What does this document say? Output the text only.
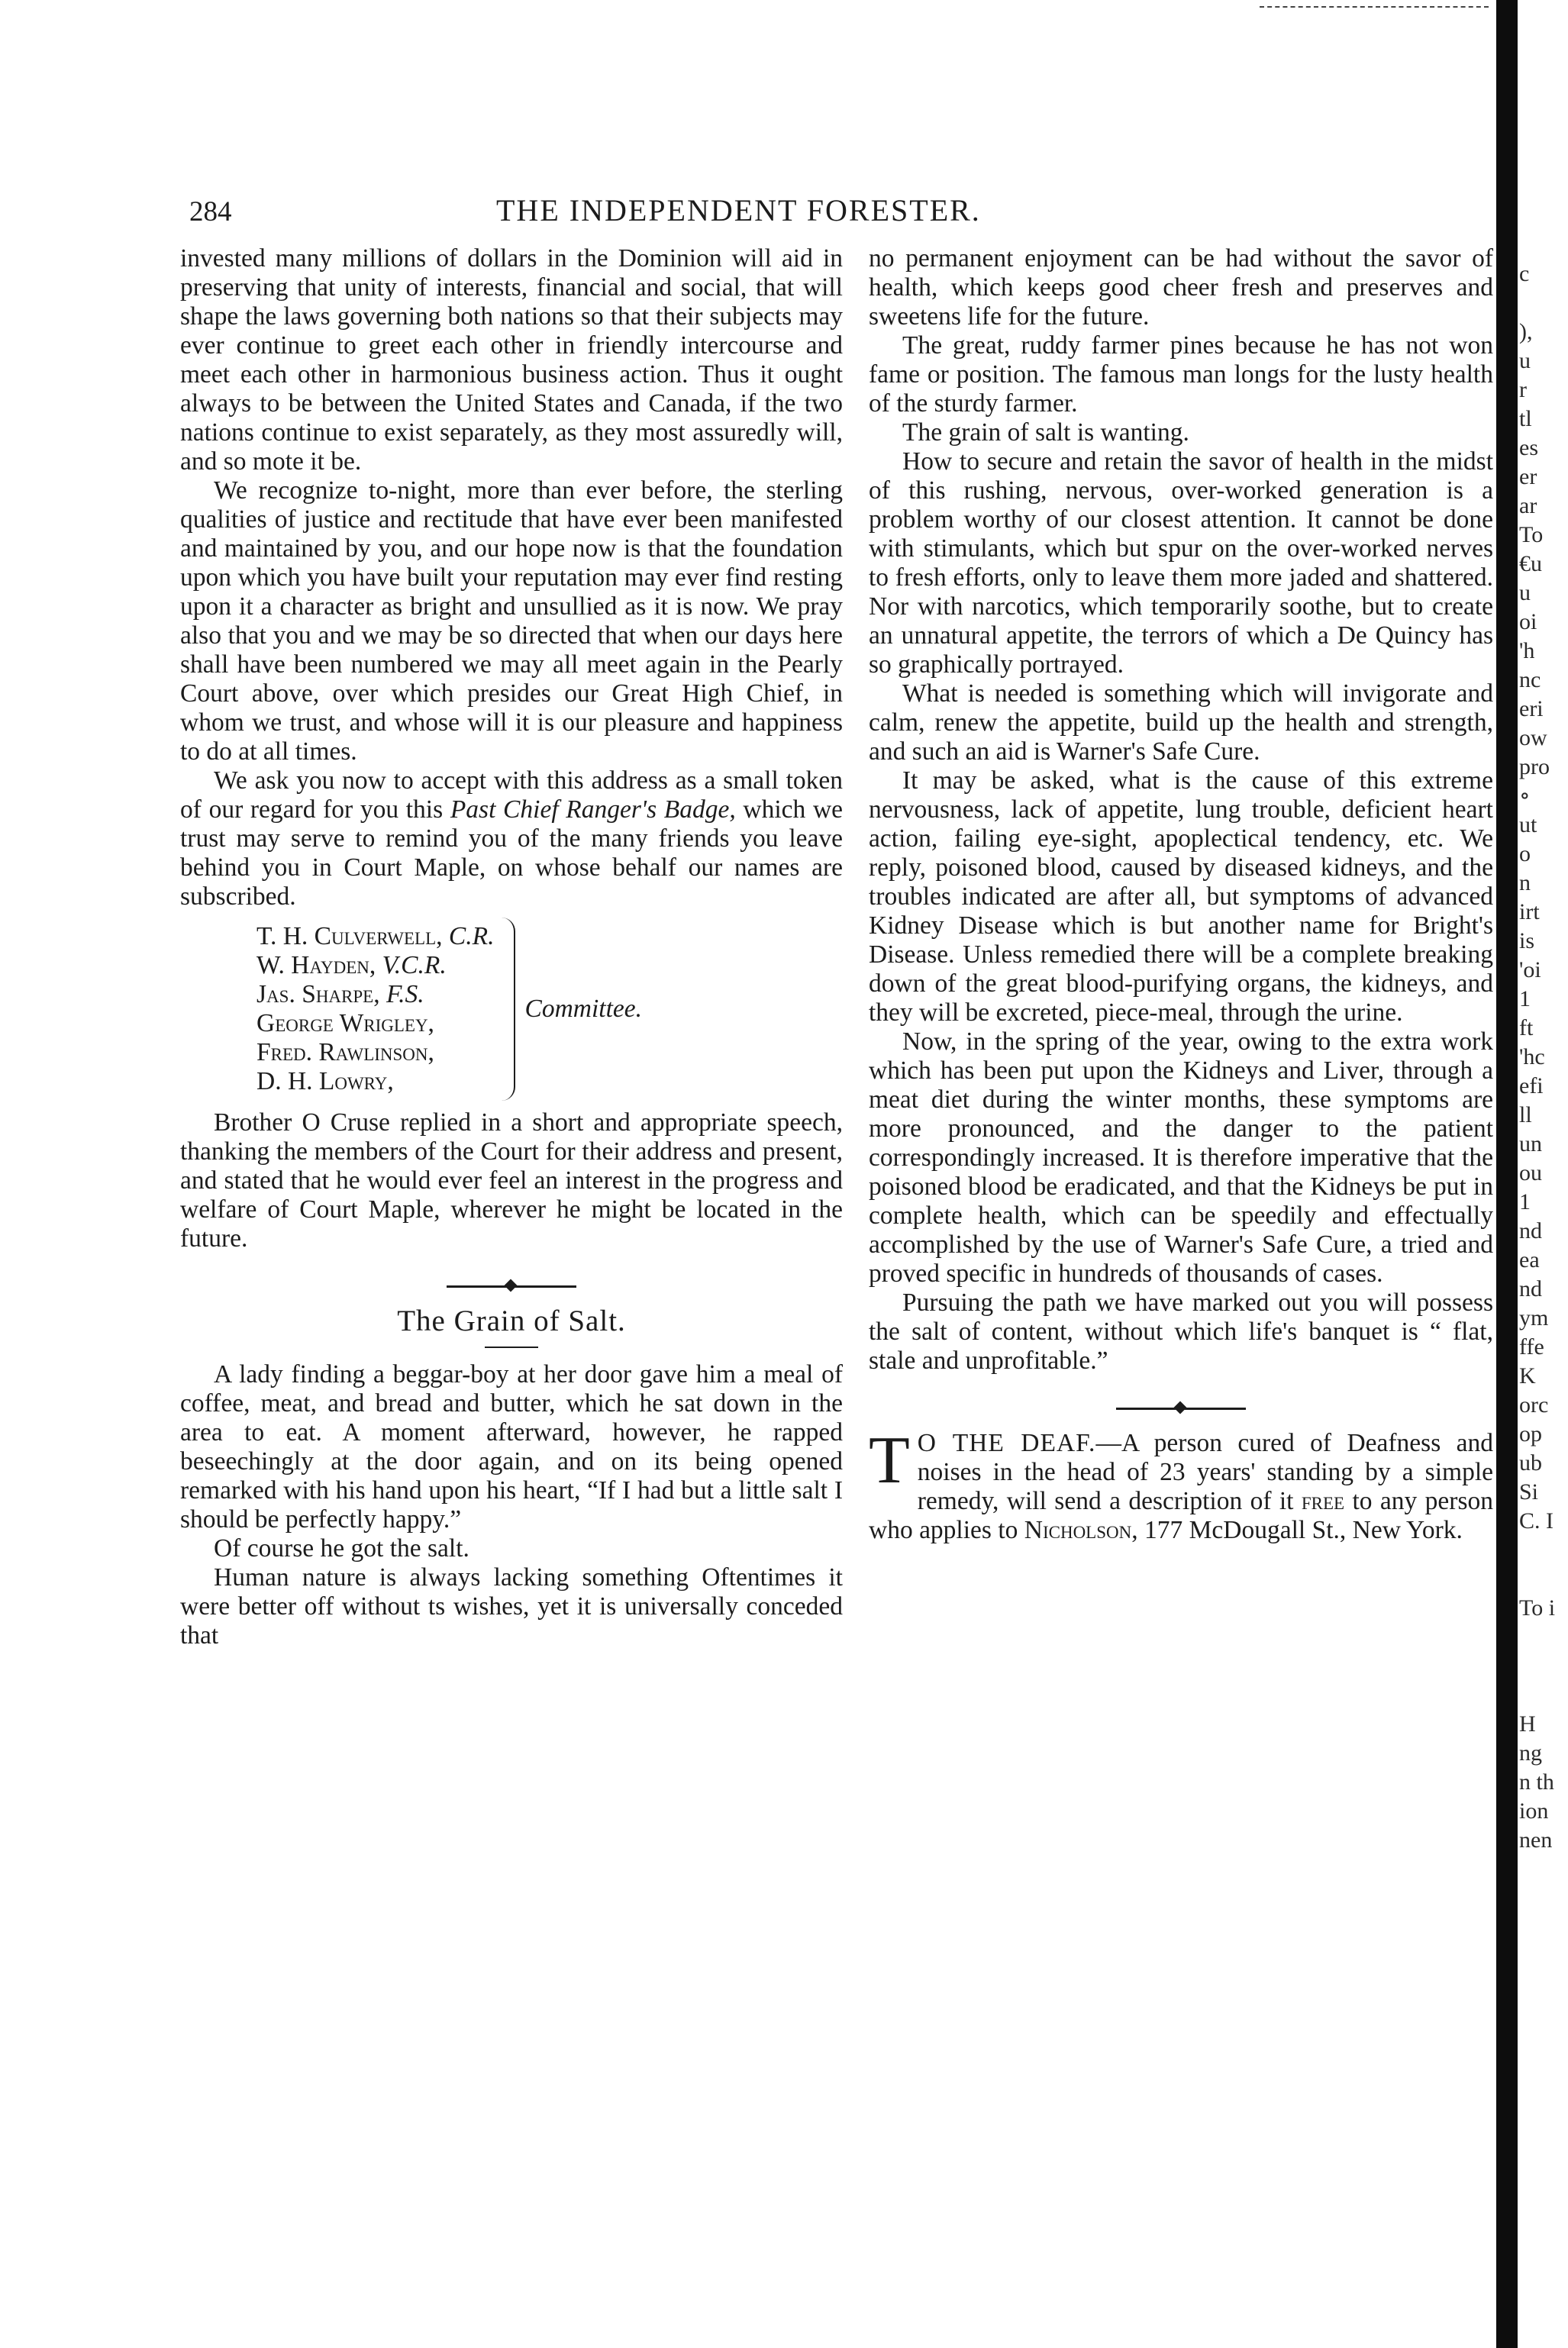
284	THE INDEPENDENT FORESTER.

invested many millions of dollars in the Dominion will aid in preserving that unity of interests, financial and social, that will shape the laws governing both nations so that their subjects may ever continue to greet each other in friendly intercourse and meet each other in harmonious business action. Thus it ought always to be between the United States and Canada, if the two nations continue to exist separately, as they most assuredly will, and so mote it be.

We recognize to-night, more than ever before, the sterling qualities of justice and rectitude that have ever been manifested and maintained by you, and our hope now is that the foundation upon which you have built your reputation may ever find resting upon it a character as bright and unsullied as it is now. We pray also that you and we may be so directed that when our days here shall have been numbered we may all meet again in the Pearly Court above, over which presides our Great High Chief, in whom we trust, and whose will it is our pleasure and happiness to do at all times.

We ask you now to accept with this address as a small token of our regard for you this Past Chief Ranger's Badge, which we trust may serve to remind you of the many friends you leave behind you in Court Maple, on whose behalf our names are subscribed.

T. H. Culverwell, C.R.
W. Hayden, V.C.R.
Jas. Sharpe, F.S.
George Wrigley,
Fred. Rawlinson,
D. H. Lowry,
Committee.

Brother O Cruse replied in a short and appropriate speech, thanking the members of the Court for their address and present, and stated that he would ever feel an interest in the progress and welfare of Court Maple, wherever he might be located in the future.

The Grain of Salt.

A lady finding a beggar-boy at her door gave him a meal of coffee, meat, and bread and butter, which he sat down in the area to eat. A moment afterward, however, he rapped beseechingly at the door again, and on its being opened remarked with his hand upon his heart, “If I had but a little salt I should be perfectly happy.”

Of course he got the salt.

Human nature is always lacking something Oftentimes it were better off without ts wishes, yet it is universally conceded that

no permanent enjoyment can be had without the savor of health, which keeps good cheer fresh and preserves and sweetens life for the future.

The great, ruddy farmer pines because he has not won fame or position. The famous man longs for the lusty health of the sturdy farmer.

The grain of salt is wanting.

How to secure and retain the savor of health in the midst of this rushing, nervous, over-worked generation is a problem worthy of our closest attention. It cannot be done with stimulants, which but spur on the over-worked nerves to fresh efforts, only to leave them more jaded and shattered. Nor with narcotics, which temporarily soothe, but to create an unnatural appetite, the terrors of which a De Quincy has so graphically portrayed.

What is needed is something which will invigorate and calm, renew the appetite, build up the health and strength, and such an aid is Warner's Safe Cure.

It may be asked, what is the cause of this extreme nervousness, lack of appetite, lung trouble, deficient heart action, failing eye-sight, apoplectical tendency, etc. We reply, poisoned blood, caused by diseased kidneys, and the troubles indicated are after all, but symptoms of advanced Kidney Disease which is but another name for Bright's Disease. Unless remedied there will be a complete breaking down of the great blood-purifying organs, the kidneys, and they will be excreted, piece-meal, through the urine.

Now, in the spring of the year, owing to the extra work which has been put upon the Kidneys and Liver, through a meat diet during the winter months, these symptoms are more pronounced, and the danger to the patient correspondingly increased. It is therefore imperative that the poisoned blood be eradicated, and that the Kidneys be put in complete health, which can be speedily and effectually accomplished by the use of Warner's Safe Cure, a tried and proved specific in hundreds of thousands of cases.

Pursuing the path we have marked out you will possess the salt of content, without which life's banquet is “ flat, stale and unprofitable.”

T O THE DEAF.—A person cured of Deafness and noises in the head of 23 years' standing by a simple remedy, will send a description of it free to any person who applies to Nicholson, 177 McDougall St., New York.

c
),
u
r
tl
es
er
ar
To
€u
u
oi
'h
nc
eri
ow
pro
∘
ut
o
n
irt
is
'oi
1
ft
'hc
efi
ll
un
ou
1
nd
ea
nd
ym
ffe
K
orc
op
ub
Si
C. I
To i
H
ng
n th
ion
nen
